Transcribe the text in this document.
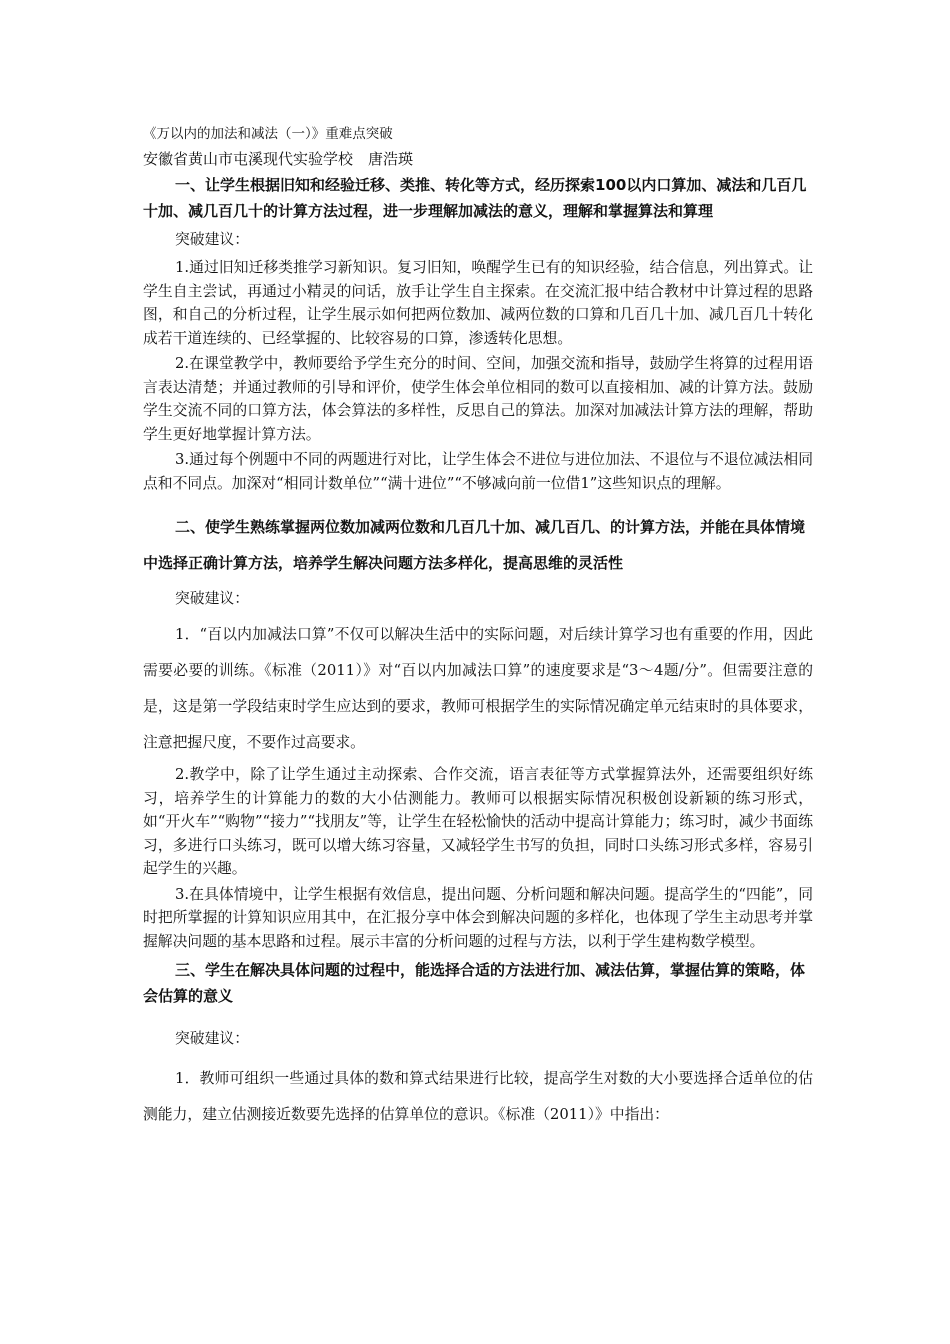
《万以内的加法和减法（一）》重难点突破

安徽省黄山市屯溪现代实验学校　唐浩瑛

一、让学生根据旧知和经验迁移、类推、转化等方式，经历探索100以内口算加、减法和几百几十加、减几百几十的计算方法过程，进一步理解加减法的意义，理解和掌握算法和算理

突破建议：

1.通过旧知迁移类推学习新知识。复习旧知，唤醒学生已有的知识经验，结合信息，列出算式。让学生自主尝试，再通过小精灵的问话，放手让学生自主探索。在交流汇报中结合教材中计算过程的思路图，和自己的分析过程，让学生展示如何把两位数加、减两位数的口算和几百几十加、减几百几十转化成若干道连续的、已经掌握的、比较容易的口算，渗透转化思想。

2.在课堂教学中，教师要给予学生充分的时间、空间，加强交流和指导，鼓励学生将算的过程用语言表达清楚；并通过教师的引导和评价，使学生体会单位相同的数可以直接相加、减的计算方法。鼓励学生交流不同的口算方法，体会算法的多样性，反思自己的算法。加深对加减法计算方法的理解，帮助学生更好地掌握计算方法。

3.通过每个例题中不同的两题进行对比，让学生体会不进位与进位加法、不退位与不退位减法相同点和不同点。加深对“相同计数单位”“满十进位”“不够减向前一位借1”这些知识点的理解。

二、使学生熟练掌握两位数加减两位数和几百几十加、减几百几、的计算方法，并能在具体情境中选择正确计算方法，培养学生解决问题方法多样化，提高思维的灵活性

突破建议：

1．“百以内加减法口算”不仅可以解决生活中的实际问题，对后续计算学习也有重要的作用，因此需要必要的训练。《标准（2011）》对“百以内加减法口算”的速度要求是“3～4题/分”。但需要注意的是，这是第一学段结束时学生应达到的要求，教师可根据学生的实际情况确定单元结束时的具体要求，注意把握尺度，不要作过高要求。

2.教学中，除了让学生通过主动探索、合作交流，语言表征等方式掌握算法外，还需要组织好练习，培养学生的计算能力的数的大小估测能力。教师可以根据实际情况积极创设新颖的练习形式，如“开火车”“购物”“接力”“找朋友”等，让学生在轻松愉快的活动中提高计算能力；练习时，减少书面练习，多进行口头练习，既可以增大练习容量，又减轻学生书写的负担，同时口头练习形式多样，容易引起学生的兴趣。

3.在具体情境中，让学生根据有效信息，提出问题、分析问题和解决问题。提高学生的“四能”，同时把所掌握的计算知识应用其中，在汇报分享中体会到解决问题的多样化，也体现了学生主动思考并掌握解决问题的基本思路和过程。展示丰富的分析问题的过程与方法，以利于学生建构数学模型。

三、学生在解决具体问题的过程中，能选择合适的方法进行加、减法估算，掌握估算的策略，体会估算的意义

突破建议：

1．教师可组织一些通过具体的数和算式结果进行比较，提高学生对数的大小要选择合适单位的估测能力，建立估测接近数要先选择的估算单位的意识。《标准（2011）》中指出：
